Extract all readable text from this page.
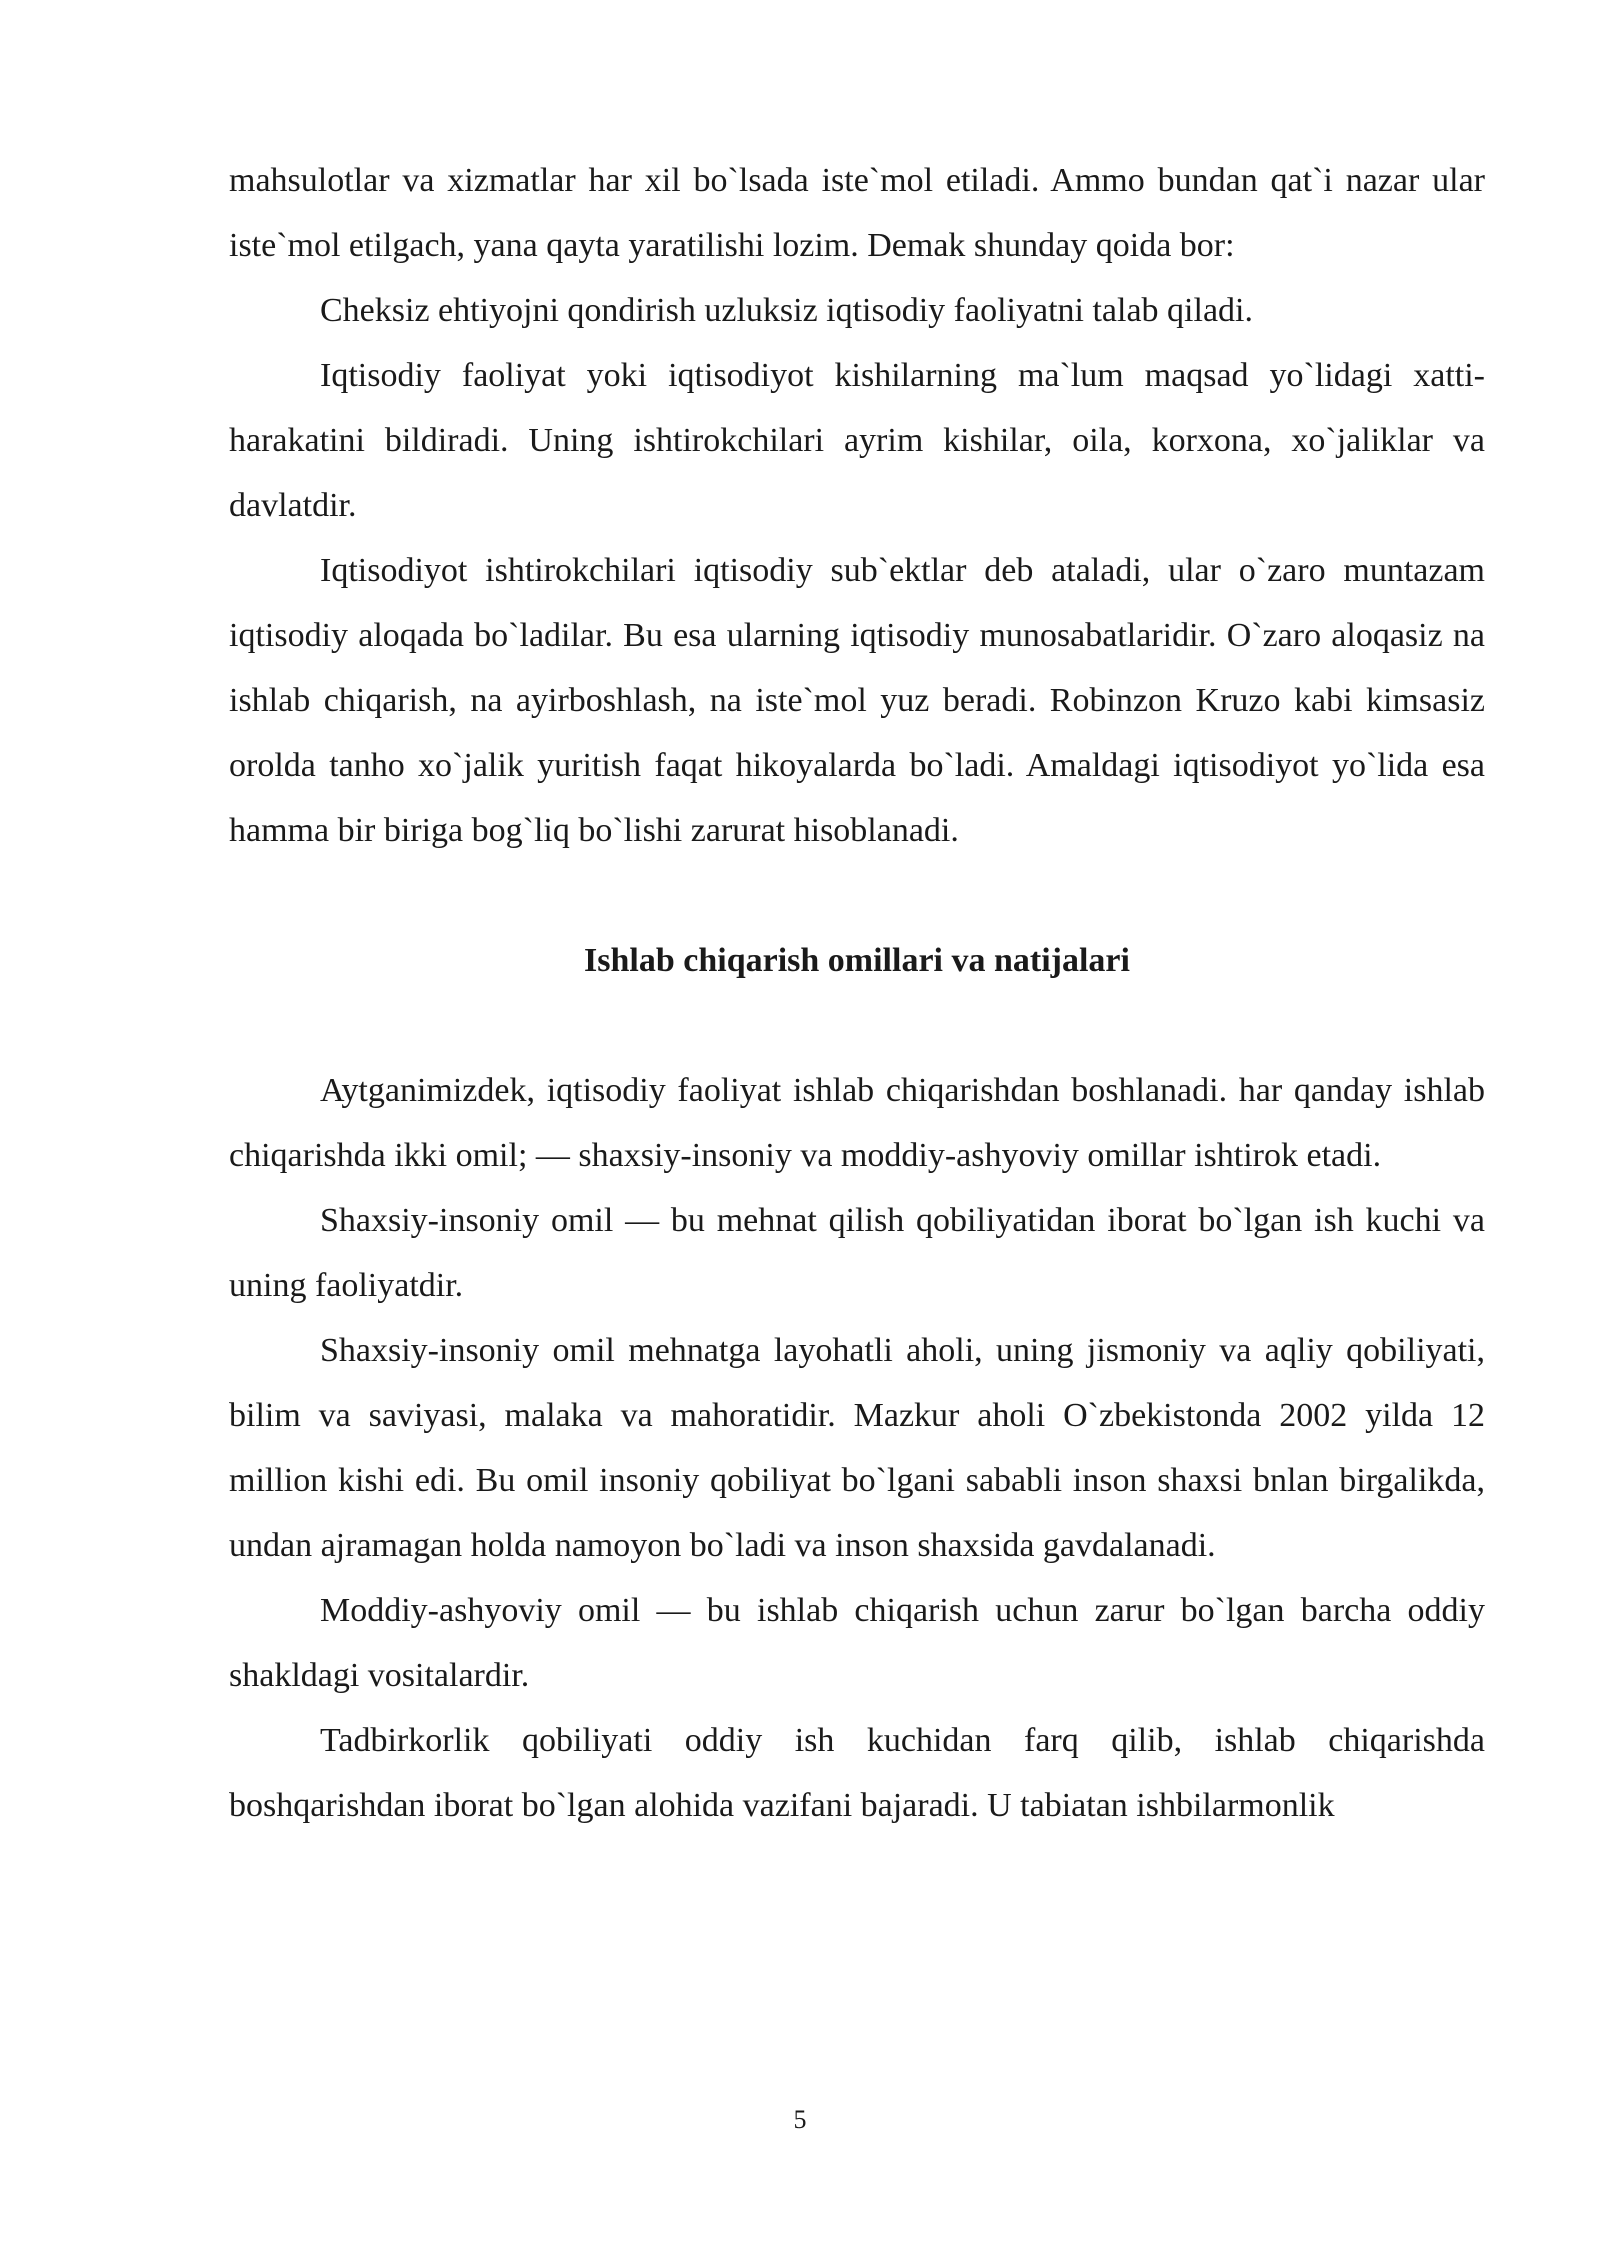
mahsulotlar va xizmatlar har xil bo`lsada iste`mol etiladi. Ammo bundan qat`i nazar ular iste`mol etilgach, yana qayta yaratilishi lozim. Demak shunday qoida bor:

Cheksiz ehtiyojni qondirish uzluksiz iqtisodiy faoliyatni talab qiladi.

Iqtisodiy faoliyat yoki iqtisodiyot kishilarning ma`lum maqsad yo`lidagi xatti-harakatini bildiradi. Uning ishtirokchilari ayrim kishilar, oila, korxona, xo`jaliklar va davlatdir.

Iqtisodiyot ishtirokchilari iqtisodiy sub`ektlar deb ataladi, ular o`zaro muntazam iqtisodiy aloqada bo`ladilar. Bu esa ularning iqtisodiy munosabatlaridir. O`zaro aloqasiz na ishlab chiqarish, na ayirboshlash, na iste`mol yuz beradi. Robinzon Kruzo kabi kimsasiz orolda tanho xo`jalik yuritish faqat hikoyalarda bo`ladi. Amaldagi iqtisodiyot yo`lida esa hamma bir biriga bog`liq bo`lishi zarurat hisoblanadi.

Ishlab chiqarish omillari va natijalari

Aytganimizdek, iqtisodiy faoliyat ishlab chiqarishdan boshlanadi. har qanday ishlab chiqarishda ikki omil; — shaxsiy-insoniy va moddiy-ashyoviy omillar ishtirok etadi.

Shaxsiy-insoniy omil — bu mehnat qilish qobiliyatidan iborat bo`lgan ish kuchi va uning faoliyatdir.

Shaxsiy-insoniy omil mehnatga layohatli aholi, uning jismoniy va aqliy qobiliyati, bilim va saviyasi, malaka va mahoratidir. Mazkur aholi O`zbekistonda 2002 yilda 12 million kishi edi. Bu omil insoniy qobiliyat bo`lgani sababli inson shaxsi bnlan birgalikda, undan ajramagan holda namoyon bo`ladi va inson shaxsida gavdalanadi.

Moddiy-ashyoviy omil — bu ishlab chiqarish uchun zarur bo`lgan barcha oddiy shakldagi vositalardir.

Tadbirkorlik qobiliyati oddiy ish kuchidan farq qilib, ishlab chiqarishda boshqarishdan iborat bo`lgan alohida vazifani bajaradi. U tabiatan ishbilarmonlik

5
